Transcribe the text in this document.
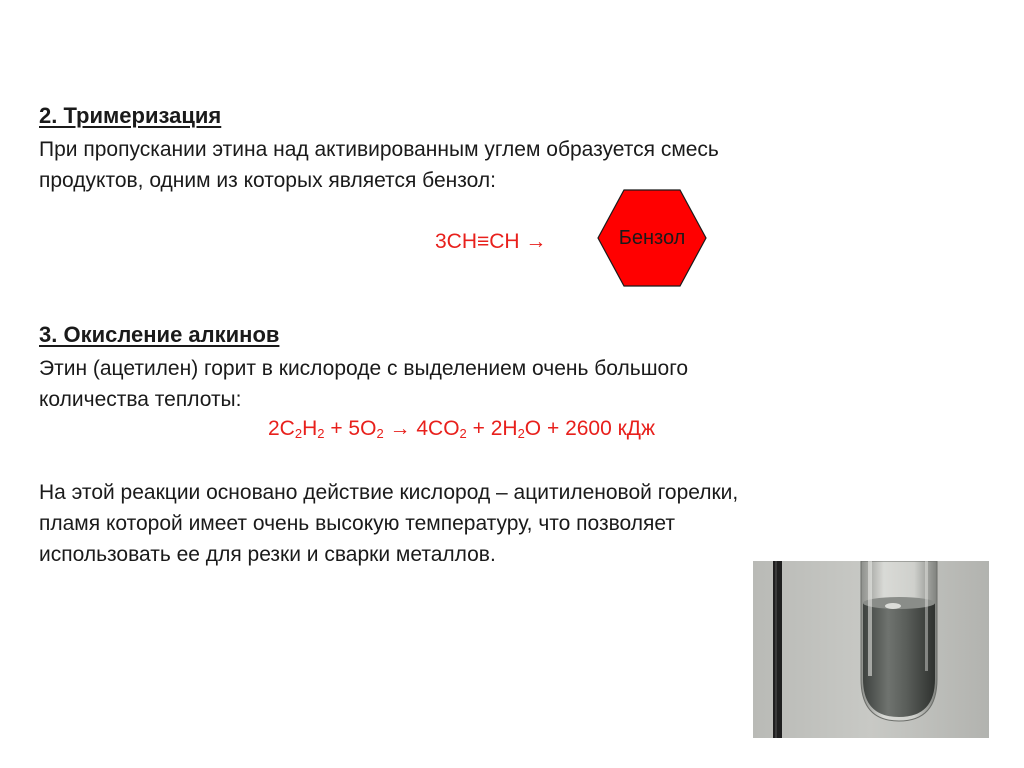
2. Тримеризация

При пропускании этина над активированным углем образуется смесь
продуктов, одним из которых является бензол:

3CH≡CH →	Бензол
3. Окисление алкинов

Этин (ацетилен) горит в кислороде с выделением очень большого
количества теплоты:

$2C_2H_2 + 5O_2 \to 4CO_2 + 2H_2O + 2600$ кДж

На этой реакции основано действие кислород – ацитиленовой горелки,
пламя которой имеет очень высокую температуру, что позволяет
использовать ее для резки и сварки металлов.
